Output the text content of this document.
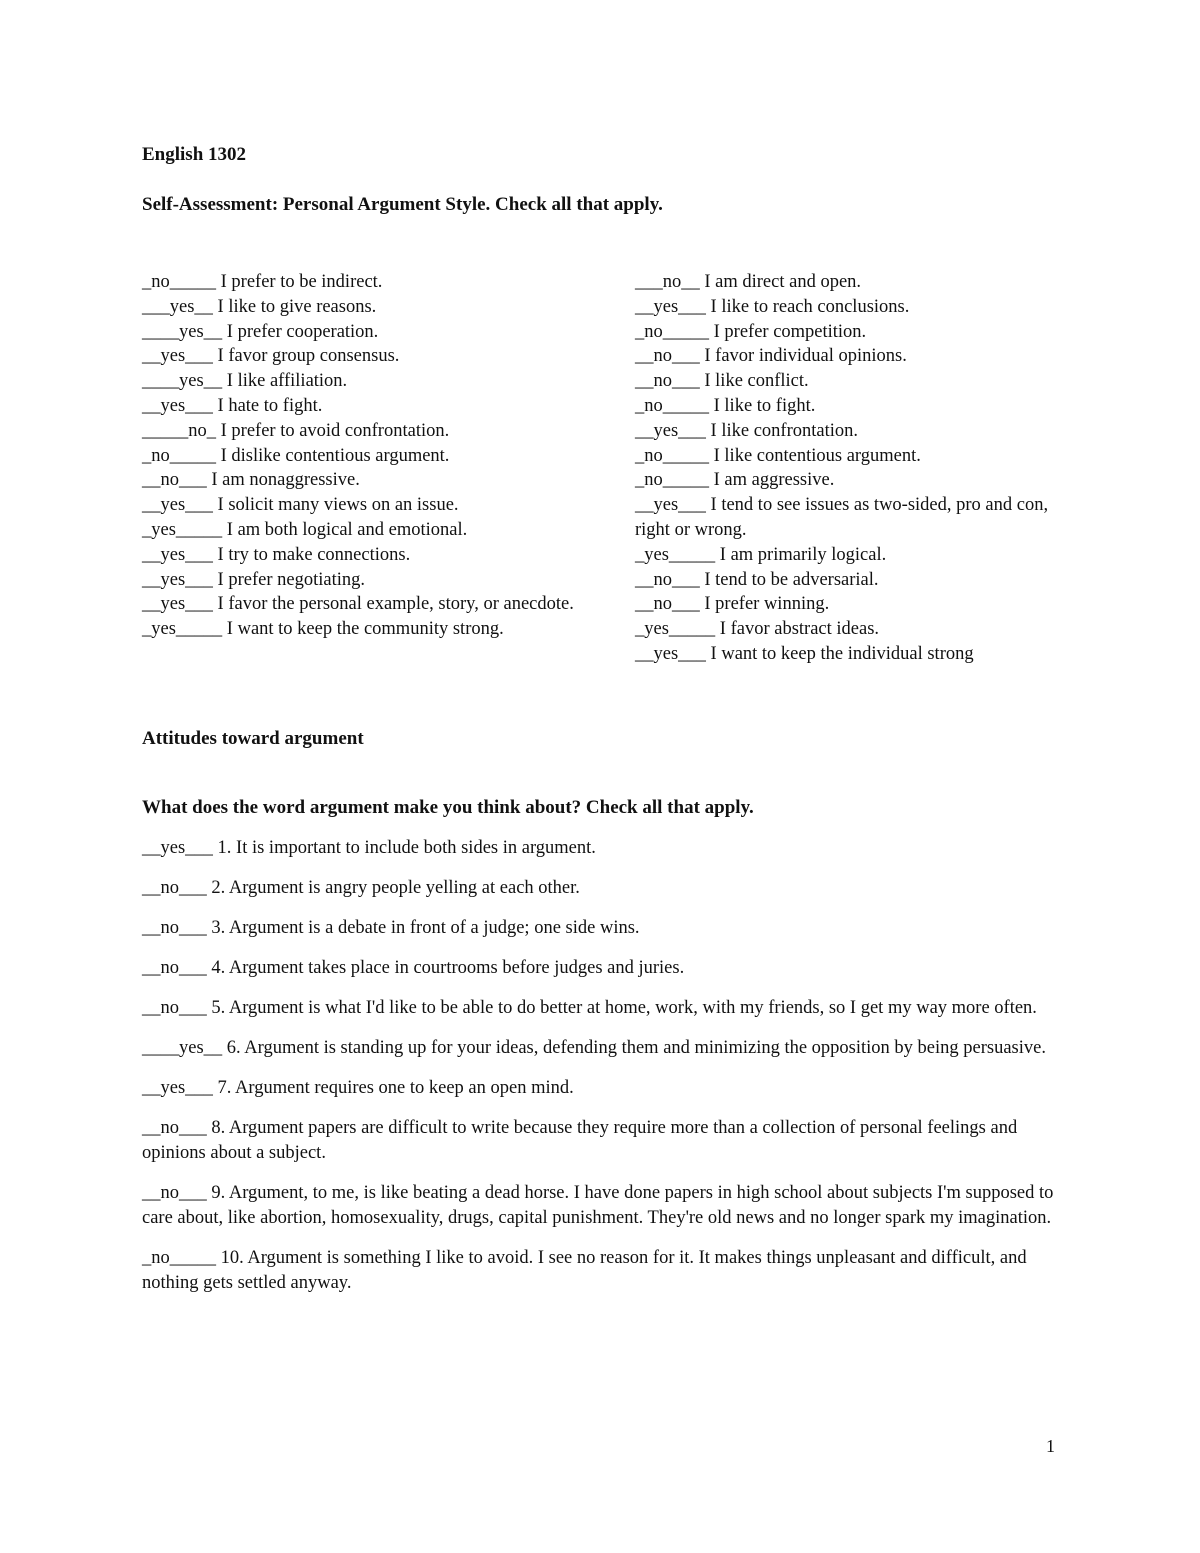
English 1302
Self-Assessment: Personal Argument Style. Check all that apply.
_no_____ I prefer to be indirect.
___yes__ I like to give reasons.
____yes__ I prefer cooperation.
__yes___ I favor group consensus.
____yes__ I like affiliation.
__yes___ I hate to fight.
_____no_ I prefer to avoid confrontation.
_no_____ I dislike contentious argument.
__no___ I am nonaggressive.
__yes___ I solicit many views on an issue.
_yes_____ I am both logical and emotional.
__yes___ I try to make connections.
__yes___ I prefer negotiating.
__yes___ I favor the personal example, story, or anecdote.
_yes_____ I want to keep the community strong.
___no__ I am direct and open.
__yes___ I like to reach conclusions.
_no_____ I prefer competition.
__no___ I favor individual opinions.
__no___ I like conflict.
_no_____ I like to fight.
__yes___ I like confrontation.
_no_____ I like contentious argument.
_no_____ I am aggressive.
__yes___ I tend to see issues as two-sided, pro and con, right or wrong.
_yes_____ I am primarily logical.
__no___ I tend to be adversarial.
__no___ I prefer winning.
_yes_____ I favor abstract ideas.
__yes___ I want to keep the individual strong
Attitudes toward argument
What does the word argument make you think about? Check all that apply.
__yes___ 1. It is important to include both sides in argument.
__no___ 2. Argument is angry people yelling at each other.
__no___ 3. Argument is a debate in front of a judge; one side wins.
__no___ 4. Argument takes place in courtrooms before judges and juries.
__no___ 5. Argument is what I'd like to be able to do better at home, work, with my friends, so I get my way more often.
____yes__ 6. Argument is standing up for your ideas, defending them and minimizing the opposition by being persuasive.
__yes___ 7. Argument requires one to keep an open mind.
__no___ 8. Argument papers are difficult to write because they require more than a collection of personal feelings and opinions about a subject.
__no___ 9. Argument, to me, is like beating a dead horse. I have done papers in high school about subjects I'm supposed to care about, like abortion, homosexuality, drugs, capital punishment. They're old news and no longer spark my imagination.
_no_____ 10. Argument is something I like to avoid. I see no reason for it. It makes things unpleasant and difficult, and nothing gets settled anyway.
1
